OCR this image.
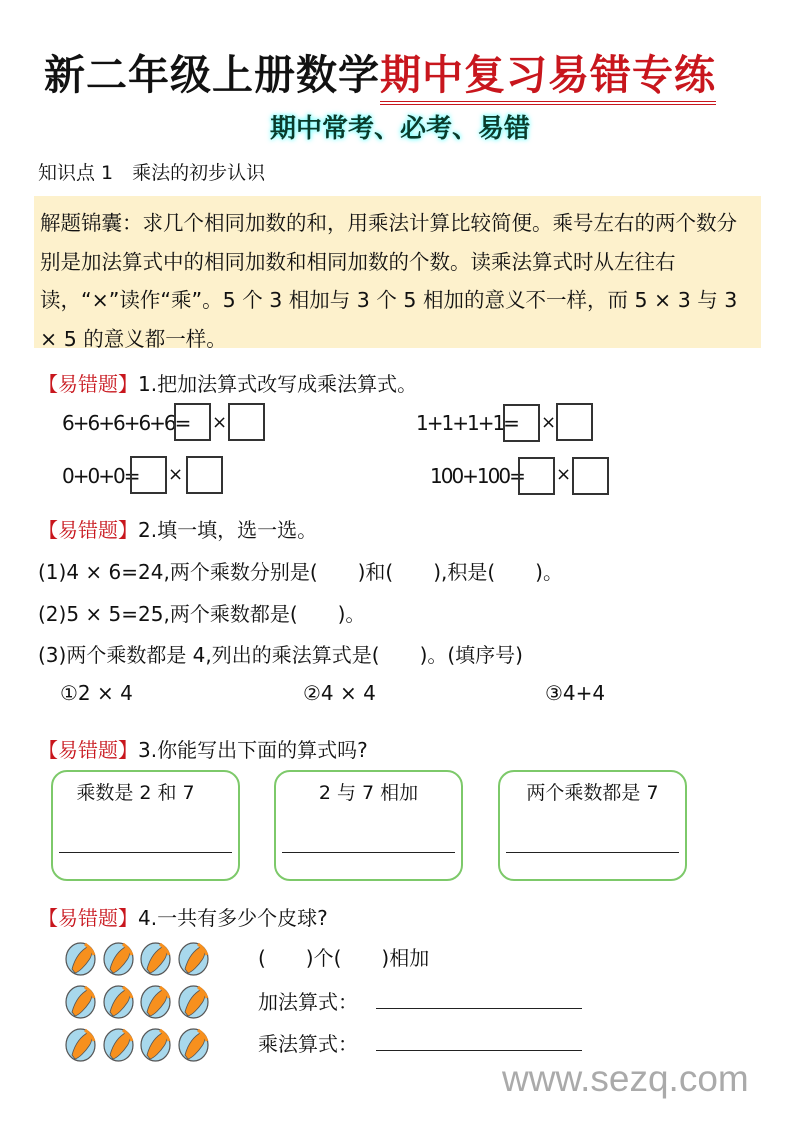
新二年级上册数学期中复习易错专练
期中常考、必考、易错
知识点 1　乘法的初步认识
解题锦囊：求几个相同加数的和，用乘法计算比较简便。乘号左右的两个数分别是加法算式中的相同加数和相同加数的个数。读乘法算式时从左往右读，“×”读作“乘”。5 个 3 相加与 3 个 5 相加的意义不一样，而 5 × 3 与 3 × 5 的意义都一样。
【易错题】1.把加法算式改写成乘法算式。
6+6+6+6+6= ×	1+1+1+1= ×
0+0+0= ×	100+100= ×
【易错题】2.填一填，选一选。
(1)4 × 6=24,两个乘数分别是(　　)和(　　),积是(　　)。
(2)5 × 5=25,两个乘数都是(　　)。
(3)两个乘数都是 4,列出的乘法算式是(　　)。(填序号)
①2 × 4	②4 × 4	③4+4
【易错题】3.你能写出下面的算式吗?
乘数是 2 和 7	2 与 7 相加	两个乘数都是 7
【易错题】4.一共有多少个皮球?
(　　)个(　　)相加
加法算式：
乘法算式：
www.sezq.com
